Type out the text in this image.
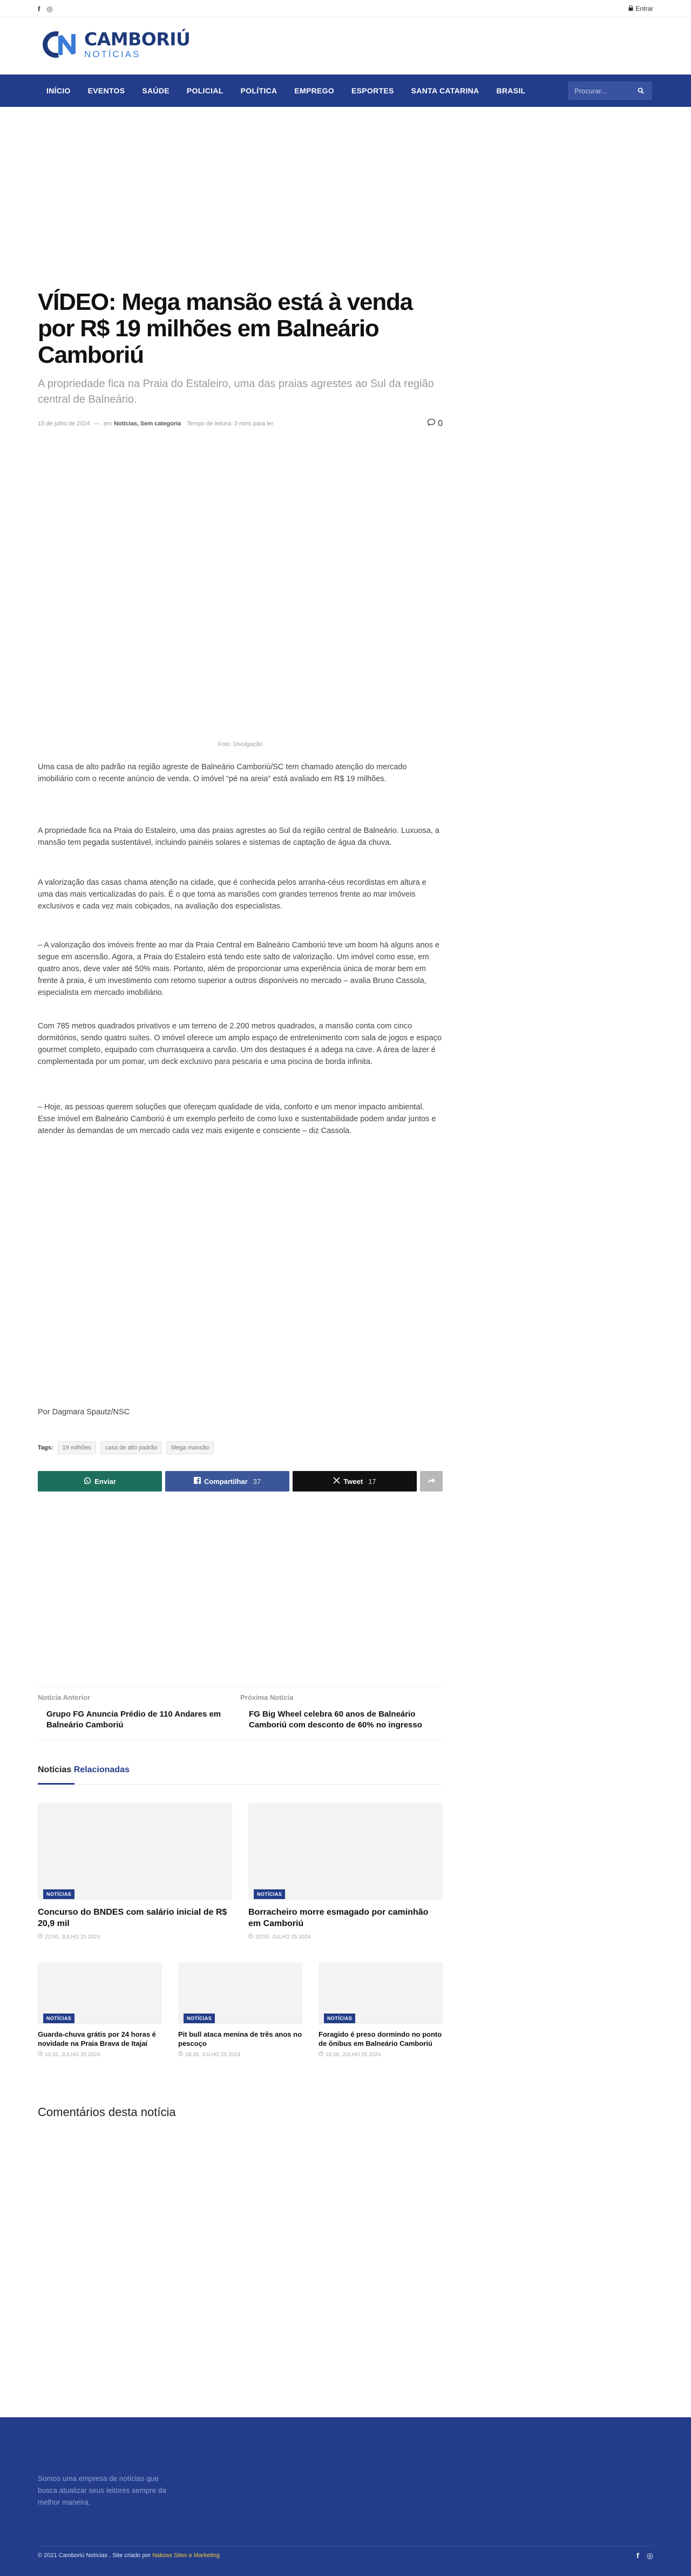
f ◎	Entrar
CAMBORIÚ
NOTÍCIAS
INÍCIO	EVENTOS	SAÚDE	POLICIAL	POLÍTICA	EMPREGO	ESPORTES	SANTA CATARINA	BRASIL
Procurar...
VÍDEO: Mega mansão está à venda por R$ 19 milhões em Balneário Camboriú

A propriedade fica na Praia do Estaleiro, uma das praias agrestes ao Sul da região central de Balneário.

15 de julho de 2024 — em Notícias, Sem categoria
Tempo de leitura: 3 mins para ler	0
Foto: Divulgação

Uma casa de alto padrão na região agreste de Balneário Camboriú/SC tem chamado atenção do mercado imobiliário com o recente anúncio de venda. O imóvel “pé na areia” está avaliado em R$ 19 milhões.

A propriedade fica na Praia do Estaleiro, uma das praias agrestes ao Sul da região central de Balneário. Luxuosa, a mansão tem pegada sustentável, incluindo painéis solares e sistemas de captação de água da chuva.

A valorização das casas chama atenção na cidade, que é conhecida pelos arranha-céus recordistas em altura e uma das mais verticalizadas do país. É o que torna as mansões com grandes terrenos frente ao mar imóveis exclusivos e cada vez mais cobiçados, na avaliação dos especialistas.

– A valorização dos imóveis frente ao mar da Praia Central em Balneário Camboriú teve um boom há alguns anos e segue em ascensão. Agora, a Praia do Estaleiro está tendo este salto de valorização. Um imóvel como esse, em quatro anos, deve valer até 50% mais. Portanto, além de proporcionar uma experiência única de morar bem em frente à praia, é um investimento com retorno superior a outros disponíveis no mercado – avalia Bruno Cassola, especialista em mercado imobiliário.

Com 785 metros quadrados privativos e um terreno de 2.200 metros quadrados, a mansão conta com cinco dormitórios, sendo quatro suítes. O imóvel oferece um amplo espaço de entretenimento com sala de jogos e espaço gourmet completo, equipado com churrasqueira a carvão. Um dos destaques é a adega na cave. A área de lazer é complementada por um pomar, um deck exclusivo para pescaria e uma piscina de borda infinita.

– Hoje, as pessoas querem soluções que ofereçam qualidade de vida, conforto e um menor impacto ambiental. Esse imóvel em Balneário Camboriú é um exemplo perfeito de como luxo e sustentabilidade podem andar juntos e atender às demandas de um mercado cada vez mais exigente e consciente – diz Cassola.

Por Dagmara Spautz/NSC

Tags:	19 milhões	casa de alto padrão	Mega mansão
Enviar	Compartilhar 37	Tweet 17
Notícia Anterior
Grupo FG Anuncia Prédio de 110 Andares em Balneário Camboriú
Próxima Notícia
FG Big Wheel celebra 60 anos de Balneário Camboriú com desconto de 60% no ingresso
Notícias Relacionadas
NOTÍCIAS
Concurso do BNDES com salário inicial de R$ 20,9 mil
22:00, JULHO 25 2024
NOTÍCIAS
Borracheiro morre esmagado por caminhão em Camboriú
20:50, JULHO 25 2024
NOTÍCIAS
Guarda-chuva grátis por 24 horas é novidade na Praia Brava de Itajaí
19:32, JULHO 25 2024
NOTÍCIAS
Pit bull ataca menina de três anos no pescoço
18:38, JULHO 25 2024
NOTÍCIAS
Foragido é preso dormindo no ponto de ônibus em Balneário Camboriú
18:08, JULHO 25 2024
Comentários desta notícia

Somos uma empresa de notícias que busca atualizar seus leitores sempre da melhor maneira.

© 2021 Camboriú Notícias . Site criado por Nakoss Sites e Marketing	f ◎
